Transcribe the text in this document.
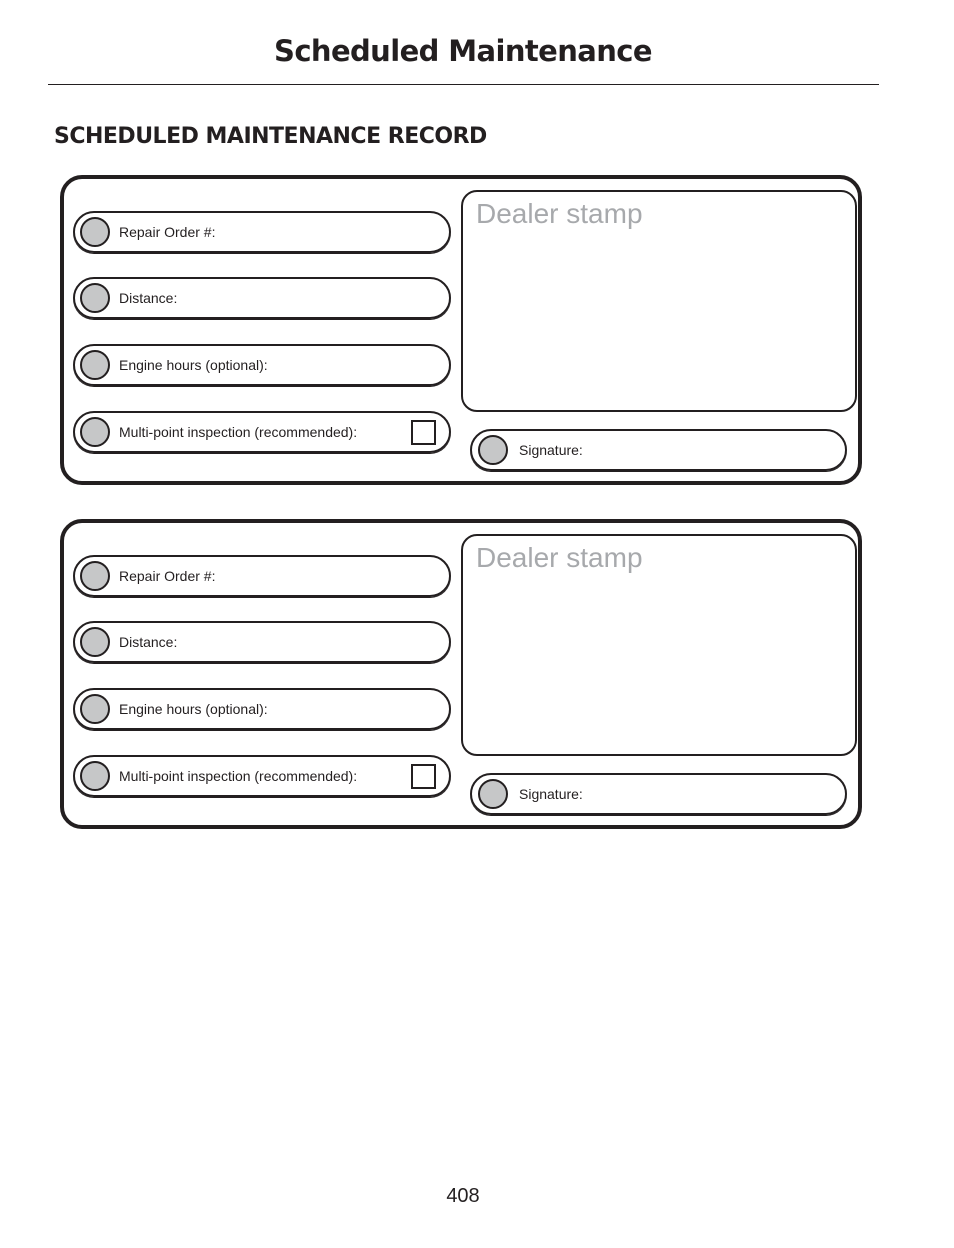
Scheduled Maintenance
SCHEDULED MAINTENANCE RECORD
Repair Order #:
Distance:
Engine hours (optional):
Multi-point inspection (recommended):
Dealer stamp
Signature:
Repair Order #:
Distance:
Engine hours (optional):
Multi-point inspection (recommended):
Dealer stamp
Signature:
408
